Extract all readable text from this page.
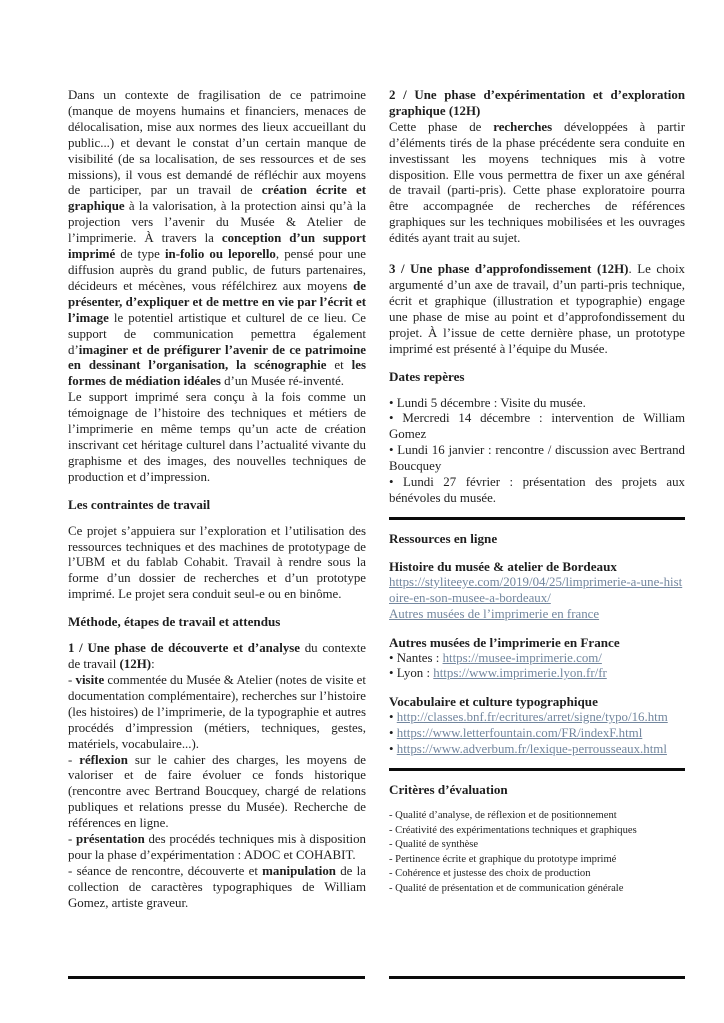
Dans un contexte de fragilisation de ce patrimoine (manque de moyens humains et financiers, menaces de délocalisation, mise aux normes des lieux accueillant du public...) et devant le constat d’un certain manque de visibilité (de sa localisation, de ses ressources et de ses missions), il vous est demandé de réfléchir aux moyens de participer, par un travail de création écrite et graphique à la valorisation, à la protection ainsi qu’à la projection vers l’avenir du Musée & Atelier de l’imprimerie. À travers la conception d’un support imprimé de type in-folio ou leporello, pensé pour une diffusion auprès du grand public, de futurs partenaires, décideurs et mécènes, vous réfélchirez aux moyens de présenter, d’expliquer et de mettre en vie par l’écrit et l’image le potentiel artistique et culturel de ce lieu. Ce support de communication pemettra également d’imaginer et de préfigurer l’avenir de ce patrimoine en dessinant l’organisation, la scénographie et les formes de médiation idéales d’un Musée ré-inventé.

Le support imprimé sera conçu à la fois comme un témoignage de l’histoire des techniques et métiers de l’imprimerie en même temps qu’un acte de création inscrivant cet héritage culturel dans l’actualité vivante du graphisme et des images, des nouvelles techniques de production et d’impression.

Les contraintes de travail

Ce projet s’appuiera sur l’exploration et l’utilisation des ressources techniques et des machines de prototypage de l’UBM et du fablab Cohabit. Travail à rendre sous la forme d’un dossier de recherches et d’un prototype imprimé. Le projet sera conduit seul-e ou en binôme.

Méthode, étapes de travail et attendus

1 / Une phase de découverte et d’analyse du contexte de travail (12H):

- visite commentée du Musée & Atelier (notes de visite et documentation complémentaire), recherches sur l’histoire (les histoires) de l’imprimerie, de la typographie et autres procédés d’impression (métiers, techniques, gestes, matériels, vocabulaire...).

- réflexion sur le cahier des charges, les moyens de valoriser et de faire évoluer ce fonds historique (rencontre avec Bertrand Boucquey, chargé de relations publiques et relations presse du Musée). Recherche de références en ligne.

- présentation des procédés techniques mis à disposition pour la phase d’expérimentation : ADOC et COHABIT.

- séance de rencontre, découverte et manipulation de la collection de caractères typographiques de William Gomez, artiste graveur.

2 / Une phase d’expérimentation et d’exploration graphique (12H)
Cette phase de recherches développées à partir d’éléments tirés de la phase précédente sera conduite en investissant les moyens techniques mis à votre disposition. Elle vous permettra de fixer un axe général de travail (parti-pris). Cette phase exploratoire pourra être accompagnée de recherches de références graphiques sur les techniques mobilisées et les ouvrages édités ayant trait au sujet.

3 / Une phase d’approfondissement (12H). Le choix argumenté d’un axe de travail, d’un parti-pris technique, écrit et graphique (illustration et typographie) engage une phase de mise au point et d’approfondissement du projet. À l’issue de cette dernière phase, un prototype imprimé est présenté à l’équipe du Musée.

Dates repères

• Lundi 5 décembre : Visite du musée.

• Mercredi 14 décembre : intervention de William Gomez

• Lundi 16 janvier : rencontre / discussion avec Bertrand Boucquey

• Lundi 27 février : présentation des projets aux bénévoles du musée.

Ressources en ligne
Histoire du musée & atelier de Bordeaux

https://styliteeye.com/2019/04/25/limprimerie-a-une-histoire-en-son-musee-a-bordeaux/

Autres musées de l’imprimerie en france

Autres musées de l’imprimerie en France

• Nantes : https://musee-imprimerie.com/

• Lyon : https://www.imprimerie.lyon.fr/fr

Vocabulaire et culture typographique

• http://classes.bnf.fr/ecritures/arret/signe/typo/16.htm

• https://www.letterfountain.com/FR/indexF.html

• https://www.adverbum.fr/lexique-perrousseaux.html

Critères d’évaluation

- Qualité d’analyse, de réflexion et de positionnement

- Créativité des expérimentations techniques et graphiques

- Qualité de synthèse

- Pertinence écrite et graphique du prototype imprimé

- Cohérence et justesse des choix de production

- Qualité de présentation et de communication générale
